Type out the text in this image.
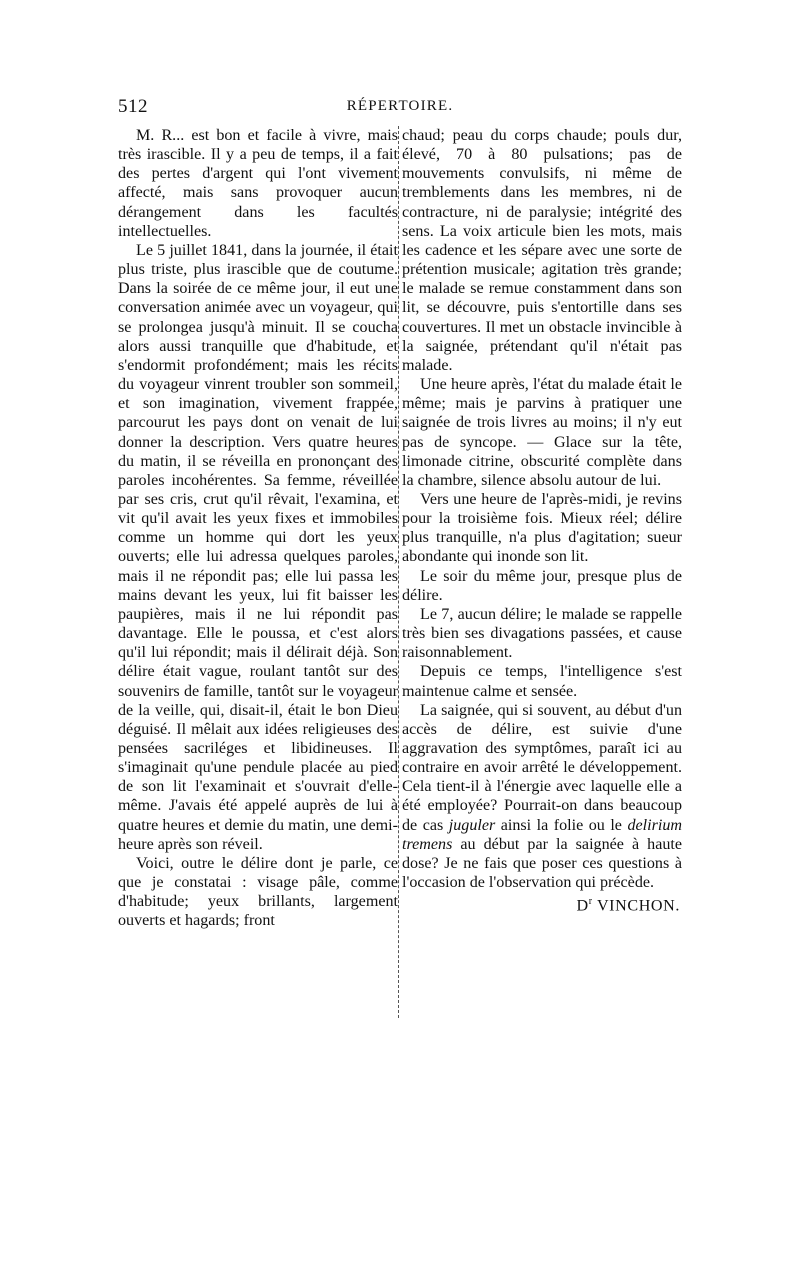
512	RÉPERTOIRE.

M. R... est bon et facile à vivre, mais très irascible. Il y a peu de temps, il a fait des pertes d'argent qui l'ont vivement affecté, mais sans provoquer aucun dérangement dans les facultés intellectuelles.

Le 5 juillet 1841, dans la journée, il était plus triste, plus irascible que de coutume. Dans la soirée de ce même jour, il eut une conversation animée avec un voyageur, qui se prolongea jusqu'à minuit. Il se coucha alors aussi tranquille que d'habitude, et s'endormit profondément; mais les récits du voyageur vinrent troubler son sommeil, et son imagination, vivement frappée, parcourut les pays dont on venait de lui donner la description. Vers quatre heures du matin, il se réveilla en prononçant des paroles incohérentes. Sa femme, réveillée par ses cris, crut qu'il rêvait, l'examina, et vit qu'il avait les yeux fixes et immobiles comme un homme qui dort les yeux ouverts; elle lui adressa quelques paroles, mais il ne répondit pas; elle lui passa les mains devant les yeux, lui fit baisser les paupières, mais il ne lui répondit pas davantage. Elle le poussa, et c'est alors qu'il lui répondit; mais il délirait déjà. Son délire était vague, roulant tantôt sur des souvenirs de famille, tantôt sur le voyageur de la veille, qui, disait-il, était le bon Dieu déguisé. Il mêlait aux idées religieuses des pensées sacriléges et libidineuses. Il s'imaginait qu'une pendule placée au pied de son lit l'examinait et s'ouvrait d'elle-même. J'avais été appelé auprès de lui à quatre heures et demie du matin, une demi-heure après son réveil.

Voici, outre le délire dont je parle, ce que je constatai : visage pâle, comme d'habitude; yeux brillants, largement ouverts et hagards; front

chaud; peau du corps chaude; pouls dur, élevé, 70 à 80 pulsations; pas de mouvements convulsifs, ni même de tremblements dans les membres, ni de contracture, ni de paralysie; intégrité des sens. La voix articule bien les mots, mais les cadence et les sépare avec une sorte de prétention musicale; agitation très grande; le malade se remue constamment dans son lit, se découvre, puis s'entortille dans ses couvertures. Il met un obstacle invincible à la saignée, prétendant qu'il n'était pas malade.

Une heure après, l'état du malade était le même; mais je parvins à pratiquer une saignée de trois livres au moins; il n'y eut pas de syncope. — Glace sur la tête, limonade citrine, obscurité complète dans la chambre, silence absolu autour de lui.

Vers une heure de l'après-midi, je revins pour la troisième fois. Mieux réel; délire plus tranquille, n'a plus d'agitation; sueur abondante qui inonde son lit.

Le soir du même jour, presque plus de délire.

Le 7, aucun délire; le malade se rappelle très bien ses divagations passées, et cause raisonnablement.

Depuis ce temps, l'intelligence s'est maintenue calme et sensée.

La saignée, qui si souvent, au début d'un accès de délire, est suivie d'une aggravation des symptômes, paraît ici au contraire en avoir arrêté le développement. Cela tient-il à l'énergie avec laquelle elle a été employée? Pourrait-on dans beaucoup de cas juguler ainsi la folie ou le delirium tremens au début par la saignée à haute dose? Je ne fais que poser ces questions à l'occasion de l'observation qui précède.

$D^r$ VINCHON.
